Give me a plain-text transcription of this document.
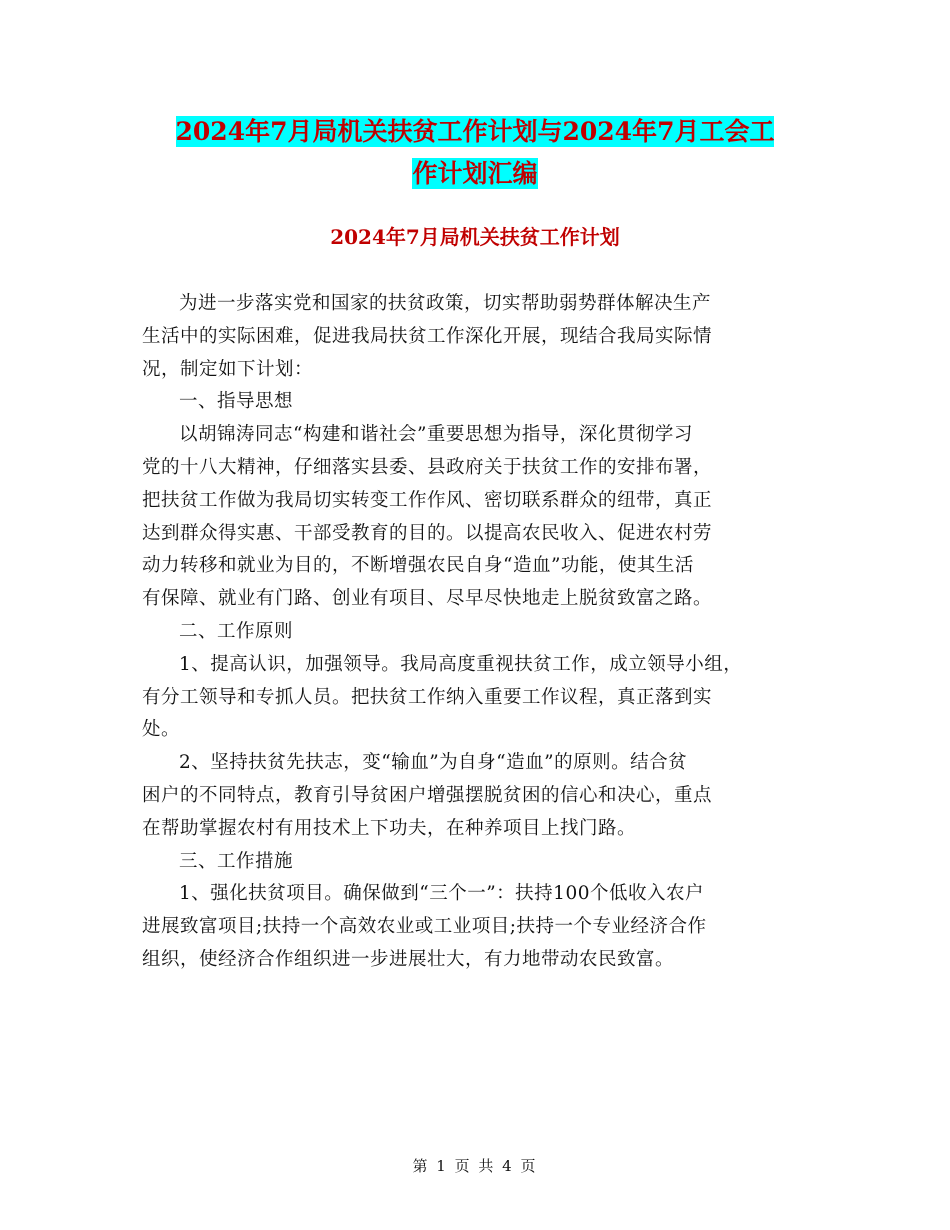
2024年7月局机关扶贫工作计划与2024年7月工会工
作计划汇编
2024年7月局机关扶贫工作计划
为进一步落实党和国家的扶贫政策，切实帮助弱势群体解决生产
生活中的实际困难，促进我局扶贫工作深化开展，现结合我局实际情
况，制定如下计划：
一、指导思想
以胡锦涛同志“构建和谐社会”重要思想为指导，深化贯彻学习
党的十八大精神，仔细落实县委、县政府关于扶贫工作的安排布署，
把扶贫工作做为我局切实转变工作作风、密切联系群众的纽带，真正
达到群众得实惠、干部受教育的目的。以提高农民收入、促进农村劳
动力转移和就业为目的，不断增强农民自身“造血”功能，使其生活
有保障、就业有门路、创业有项目、尽早尽快地走上脱贫致富之路。
二、工作原则
1、提高认识，加强领导。我局高度重视扶贫工作，成立领导小组，
有分工领导和专抓人员。把扶贫工作纳入重要工作议程，真正落到实
处。
2、坚持扶贫先扶志，变“输血”为自身“造血”的原则。结合贫
困户的不同特点，教育引导贫困户增强摆脱贫困的信心和决心，重点
在帮助掌握农村有用技术上下功夫，在种养项目上找门路。
三、工作措施
1、强化扶贫项目。确保做到“三个一”：扶持100个低收入农户
进展致富项目;扶持一个高效农业或工业项目;扶持一个专业经济合作
组织，使经济合作组织进一步进展壮大，有力地带动农民致富。
第 1 页 共 4 页
